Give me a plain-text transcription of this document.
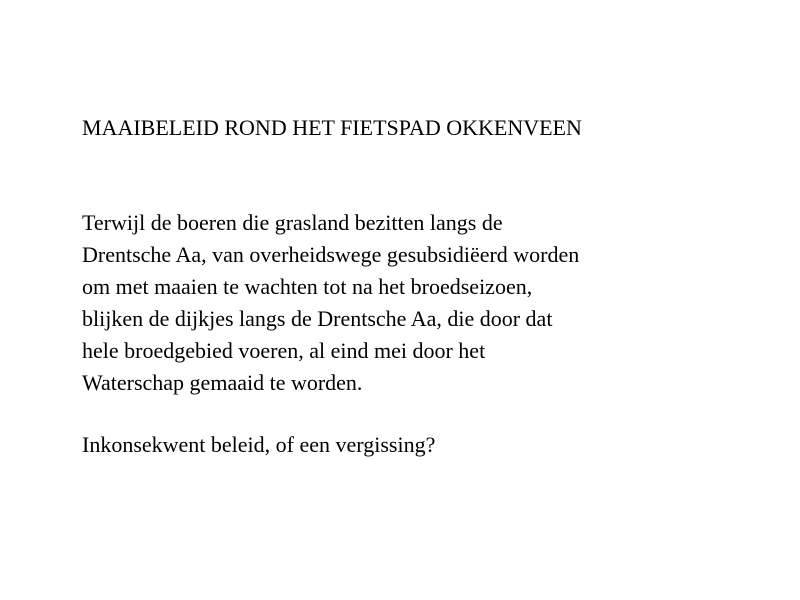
MAAIBELEID ROND HET FIETSPAD OKKENVEEN

Terwijl de boeren die grasland bezitten langs de
Drentsche Aa, van overheidswege gesubsidiëerd worden
om met maaien te wachten tot na het broedseizoen,
blijken de dijkjes langs de Drentsche Aa, die door dat
hele broedgebied voeren, al eind mei door het
Waterschap gemaaid te worden.

Inkonsekwent beleid, of een vergissing?
